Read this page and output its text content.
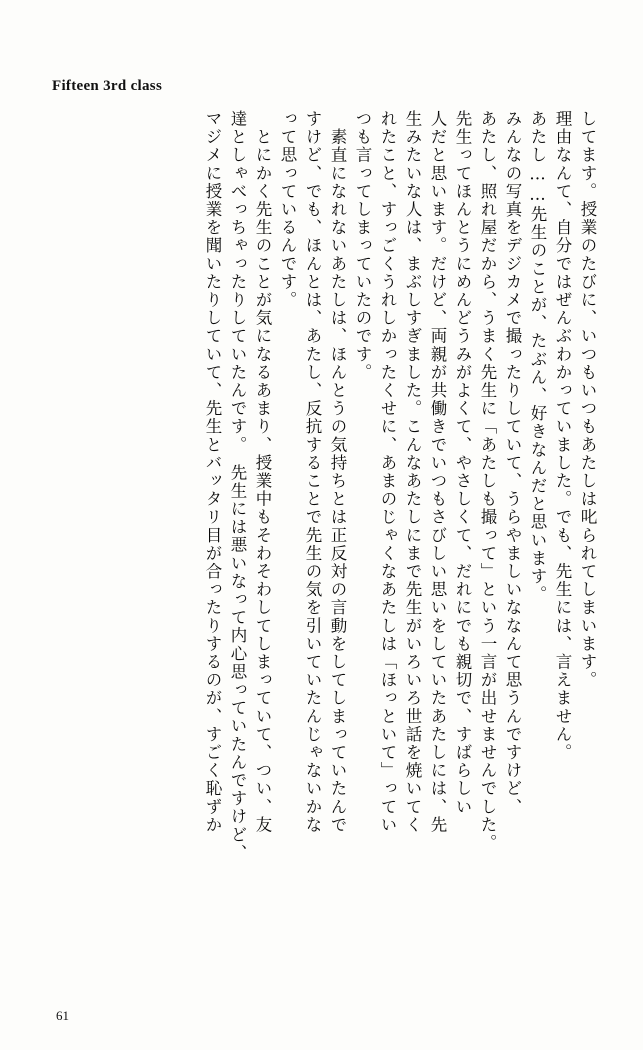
Fifteen 3rd class
してます。授業のたびに、いつもいつもあたしは叱られてしまいます。
理由なんて、自分ではぜんぶわかっていました。でも、先生には、言えません。
あたし……先生のことが、たぶん、好きなんだと思います。
みんなの写真をデジカメで撮ったりしていて、うらやましいななんて思うんですけど、
あたし、照れ屋だから、うまく先生に「あたしも撮って」という一言が出せませんでした。
先生ってほんとうにめんどうみがよくて、やさしくて、だれにでも親切で、すばらしい
人だと思います。だけど、両親が共働きでいつもさびしい思いをしていたあたしには、先
生みたいな人は、まぶしすぎました。こんなあたしにまで先生がいろいろ世話を焼いてく
れたこと、すっごくうれしかったくせに、あまのじゃくなあたしは「ほっといて」ってい
つも言ってしまっていたのです。
　素直になれないあたしは、ほんとうの気持ちとは正反対の言動をしてしまっていたんで
すけど、でも、ほんとは、あたし、反抗することで先生の気を引いていたんじゃないかな
って思っているんです。
　とにかく先生のことが気になるあまり、授業中もそわそわしてしまっていて、つい、友
達としゃべっちゃったりしていたんです。　先生には悪いなって内心思っていたんですけど、
マジメに授業を聞いたりしていて、先生とバッタリ目が合ったりするのが、すごく恥ずか
61
